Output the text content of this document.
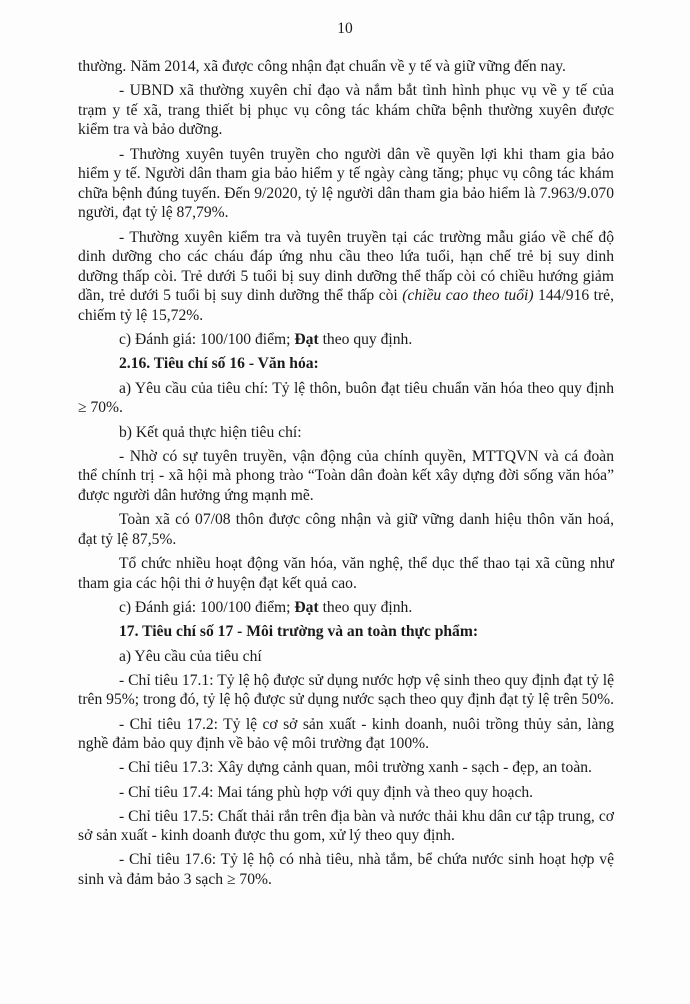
10

thường. Năm 2014, xã được công nhận đạt chuẩn về y tế và giữ vững đến nay.

- UBND xã thường xuyên chỉ đạo và nắm bắt tình hình phục vụ về y tế của trạm y tế xã, trang thiết bị phục vụ công tác khám chữa bệnh thường xuyên được kiểm tra và bảo dưỡng.

- Thường xuyên tuyên truyền cho người dân về quyền lợi khi tham gia bảo hiểm y tế. Người dân tham gia bảo hiểm y tế ngày càng tăng; phục vụ công tác khám chữa bệnh đúng tuyến. Đến 9/2020, tỷ lệ người dân tham gia bảo hiểm là 7.963/9.070 người, đạt tỷ lệ 87,79%.

- Thường xuyên kiểm tra và tuyên truyền tại các trường mẫu giáo về chế độ dinh dưỡng cho các cháu đáp ứng nhu cầu theo lứa tuổi, hạn chế trẻ bị suy dinh dưỡng thấp còi. Trẻ dưới 5 tuổi bị suy dinh dưỡng thể thấp còi có chiều hướng giảm dần, trẻ dưới 5 tuổi bị suy dinh dưỡng thể thấp còi (chiều cao theo tuổi) 144/916 trẻ, chiếm tỷ lệ 15,72%.

c) Đánh giá: 100/100 điểm; Đạt theo quy định.

2.16. Tiêu chí số 16 - Văn hóa:

a) Yêu cầu của tiêu chí: Tỷ lệ thôn, buôn đạt tiêu chuẩn văn hóa theo quy định ≥ 70%.

b) Kết quả thực hiện tiêu chí:

- Nhờ có sự tuyên truyền, vận động của chính quyền, MTTQVN và cá đoàn thể chính trị - xã hội mà phong trào “Toàn dân đoàn kết xây dựng đời sống văn hóa” được người dân hưởng ứng mạnh mẽ.

Toàn xã có 07/08 thôn được công nhận và giữ vững danh hiệu thôn văn hoá, đạt tỷ lệ 87,5%.

Tổ chức nhiều hoạt động văn hóa, văn nghệ, thể dục thể thao tại xã cũng như tham gia các hội thi ở huyện đạt kết quả cao.

c) Đánh giá: 100/100 điểm; Đạt theo quy định.

17. Tiêu chí số 17 - Môi trường và an toàn thực phẩm:

a) Yêu cầu của tiêu chí

- Chỉ tiêu 17.1: Tỷ lệ hộ được sử dụng nước hợp vệ sinh theo quy định đạt tỷ lệ trên 95%; trong đó, tỷ lệ hộ được sử dụng nước sạch theo quy định đạt tỷ lệ trên 50%.

- Chỉ tiêu 17.2: Tỷ lệ cơ sở sản xuất - kinh doanh, nuôi trồng thủy sản, làng nghề đảm bảo quy định về bảo vệ môi trường đạt 100%.

- Chỉ tiêu 17.3: Xây dựng cảnh quan, môi trường xanh - sạch - đẹp, an toàn.

- Chỉ tiêu 17.4: Mai táng phù hợp với quy định và theo quy hoạch.

- Chỉ tiêu 17.5: Chất thải rắn trên địa bàn và nước thải khu dân cư tập trung, cơ sở sản xuất - kinh doanh được thu gom, xử lý theo quy định.

- Chỉ tiêu 17.6: Tỷ lệ hộ có nhà tiêu, nhà tắm, bể chứa nước sinh hoạt hợp vệ sinh và đảm bảo 3 sạch ≥ 70%.
